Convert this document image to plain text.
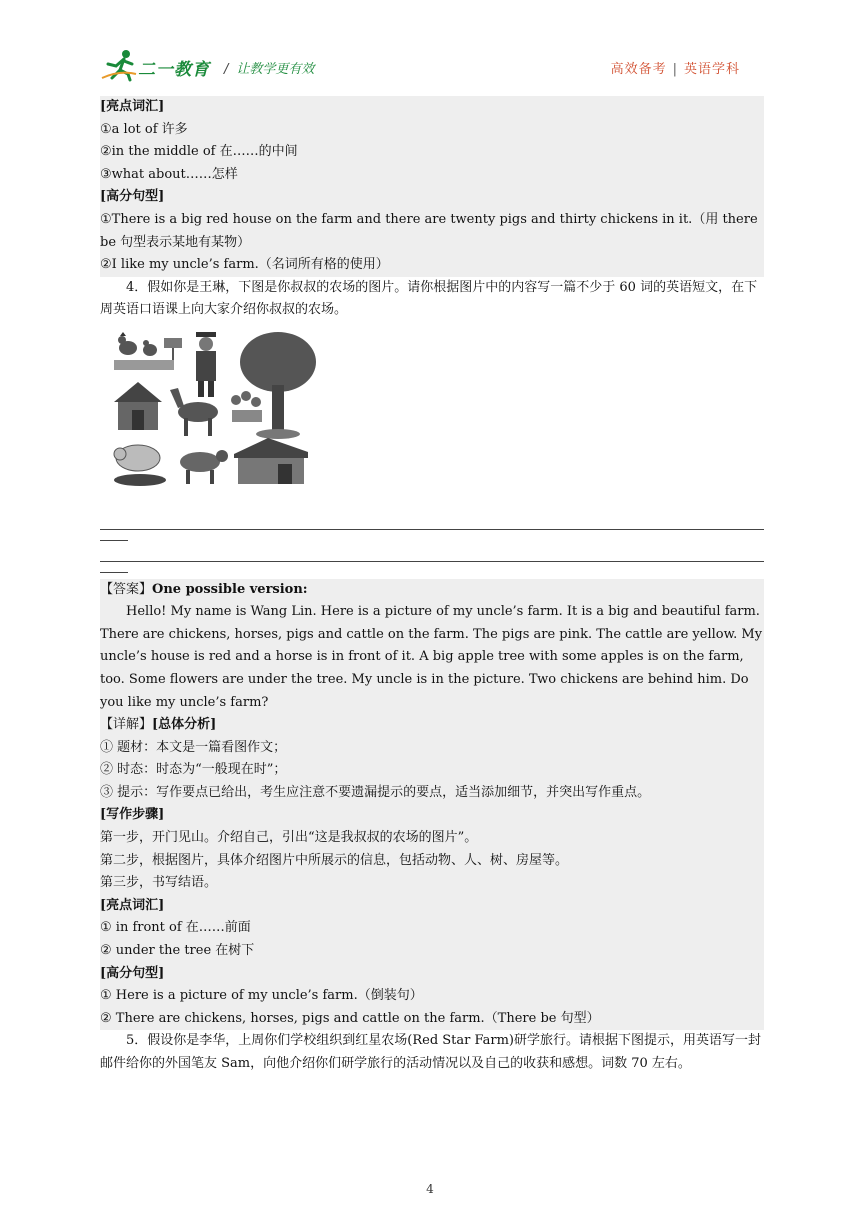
二一教育 / 让教学更有效	高效备考 | 英语学科

[亮点词汇]

①a lot of 许多

②in the middle of 在……的中间

③what about……怎样

[高分句型]

①There is a big red house on the farm and there are twenty pigs and thirty chickens in it.（用 there be 句型表示某地有某物）

②I like my uncle’s farm.（名词所有格的使用）

4．假如你是王琳，下图是你叔叔的农场的图片。请你根据图片中的内容写一篇不少于 60 词的英语短文，在下周英语口语课上向大家介绍你叔叔的农场。

【答案】One possible version:

Hello! My name is Wang Lin. Here is a picture of my uncle’s farm. It is a big and beautiful farm. There are chickens, horses, pigs and cattle on the farm. The pigs are pink. The cattle are yellow. My uncle’s house is red and a horse is in front of it. A big apple tree with some apples is on the farm, too. Some flowers are under the tree. My uncle is in the picture. Two chickens are behind him. Do you like my uncle’s farm?

【详解】[总体分析]

① 题材：本文是一篇看图作文；

② 时态：时态为“一般现在时”；

③ 提示：写作要点已给出，考生应注意不要遗漏提示的要点，适当添加细节，并突出写作重点。

[写作步骤]

第一步，开门见山。介绍自己，引出“这是我叔叔的农场的图片”。

第二步，根据图片，具体介绍图片中所展示的信息，包括动物、人、树、房屋等。

第三步，书写结语。

[亮点词汇]

① in front of 在……前面

② under the tree 在树下

[高分句型]

① Here is a picture of my uncle’s farm.（倒装句）

② There are chickens, horses, pigs and cattle on the farm.（There be 句型）

5．假设你是李华，上周你们学校组织到红星农场(Red Star Farm)研学旅行。请根据下图提示，用英语写一封邮件给你的外国笔友 Sam，向他介绍你们研学旅行的活动情况以及自己的收获和感想。词数 70 左右。

4
